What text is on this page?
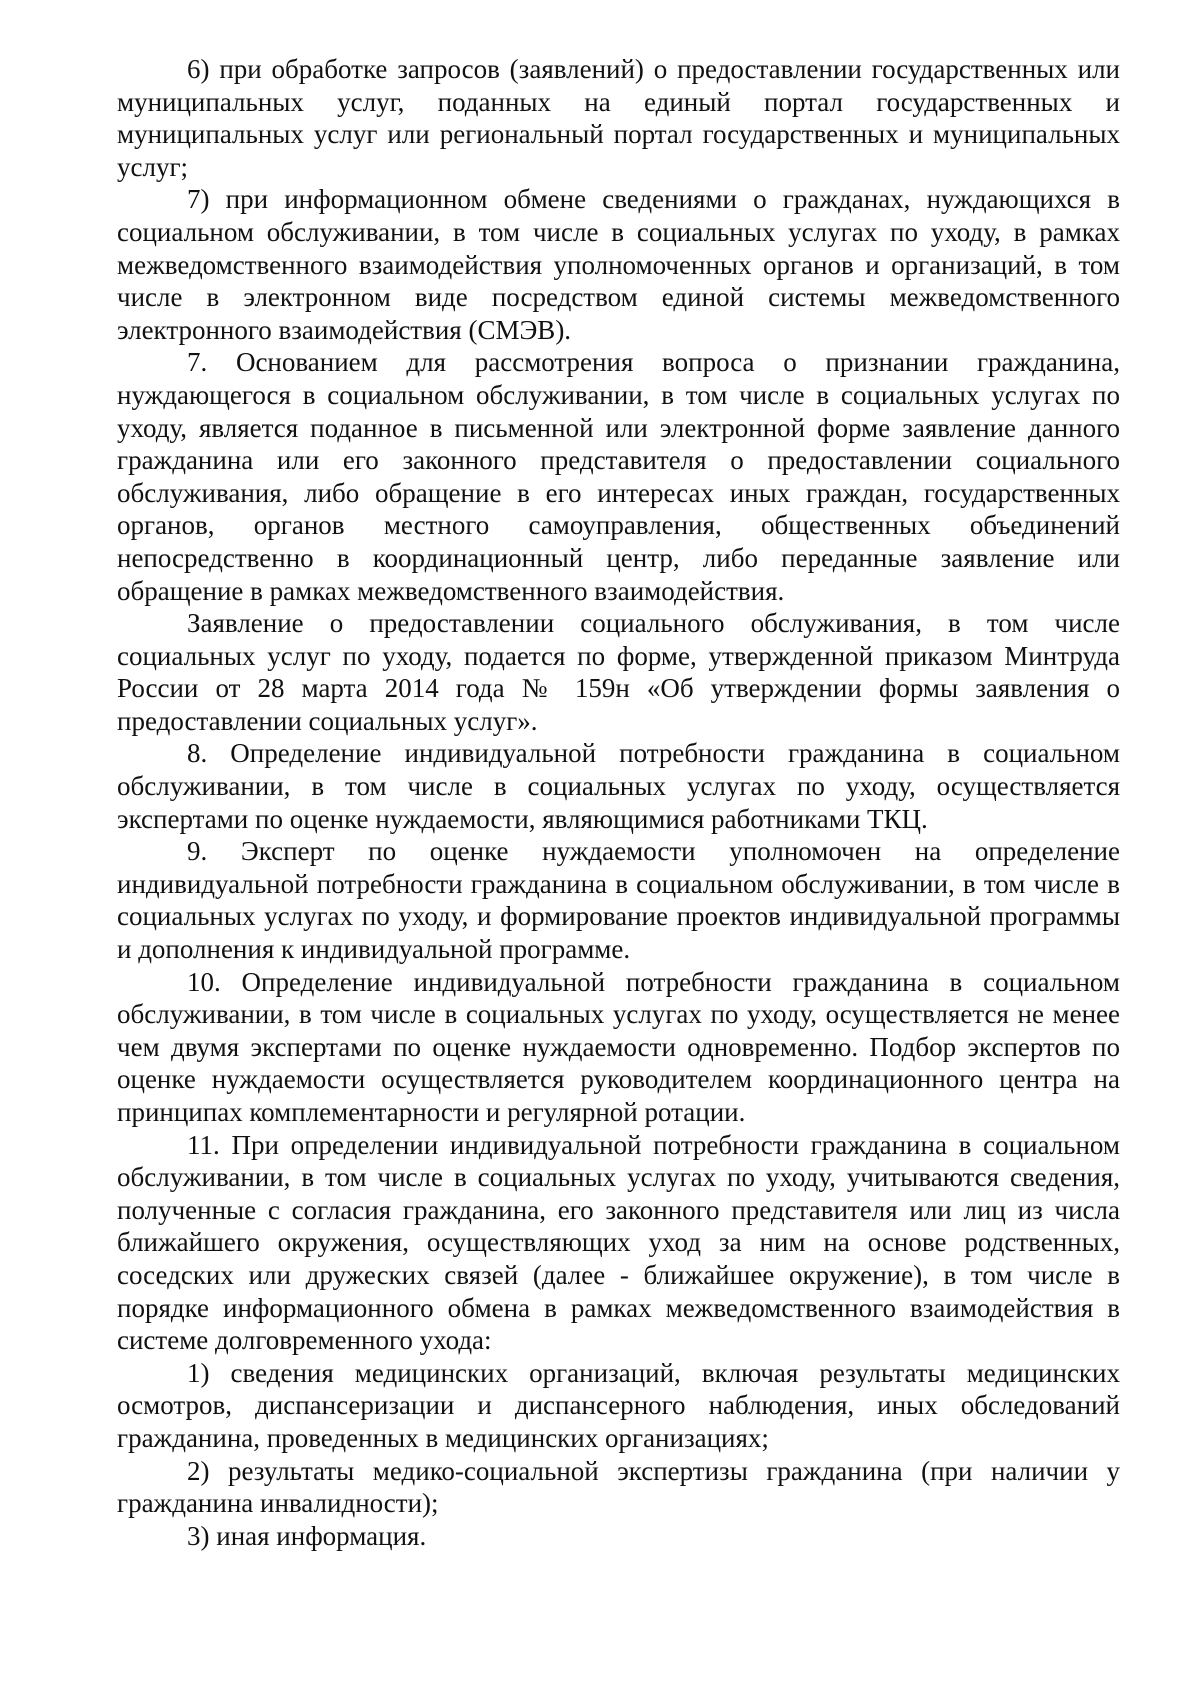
6) при обработке запросов (заявлений) о предоставлении государственных или муниципальных услуг, поданных на единый портал государственных и муниципальных услуг или региональный портал государственных и муниципальных услуг;

7) при информационном обмене сведениями о гражданах, нуждающихся в социальном обслуживании, в том числе в социальных услугах по уходу, в рамках межведомственного взаимодействия уполномоченных органов и организаций, в том числе в электронном виде посредством единой системы межведомственного электронного взаимодействия (СМЭВ).

7. Основанием для рассмотрения вопроса о признании гражданина, нуждающегося в социальном обслуживании, в том числе в социальных услугах по уходу, является поданное в письменной или электронной форме заявление данного гражданина или его законного представителя о предоставлении социального обслуживания, либо обращение в его интересах иных граждан, государственных органов, органов местного самоуправления, общественных объединений непосредственно в координационный центр, либо переданные заявление или обращение в рамках межведомственного взаимодействия.

Заявление о предоставлении социального обслуживания, в том числе социальных услуг по уходу, подается по форме, утвержденной приказом Минтруда России от 28 марта 2014 года № 159н «Об утверждении формы заявления о предоставлении социальных услуг».

8. Определение индивидуальной потребности гражданина в социальном обслуживании, в том числе в социальных услугах по уходу, осуществляется экспертами по оценке нуждаемости, являющимися работниками ТКЦ.

9. Эксперт по оценке нуждаемости уполномочен на определение индивидуальной потребности гражданина в социальном обслуживании, в том числе в социальных услугах по уходу, и формирование проектов индивидуальной программы и дополнения к индивидуальной программе.

10. Определение индивидуальной потребности гражданина в социальном обслуживании, в том числе в социальных услугах по уходу, осуществляется не менее чем двумя экспертами по оценке нуждаемости одновременно. Подбор экспертов по оценке нуждаемости осуществляется руководителем координационного центра на принципах комплементарности и регулярной ротации.

11. При определении индивидуальной потребности гражданина в социальном обслуживании, в том числе в социальных услугах по уходу, учитываются сведения, полученные с согласия гражданина, его законного представителя или лиц из числа ближайшего окружения, осуществляющих уход за ним на основе родственных, соседских или дружеских связей (далее - ближайшее окружение), в том числе в порядке информационного обмена в рамках межведомственного взаимодействия в системе долговременного ухода:

1) сведения медицинских организаций, включая результаты медицинских осмотров, диспансеризации и диспансерного наблюдения, иных обследований гражданина, проведенных в медицинских организациях;

2) результаты медико-социальной экспертизы гражданина (при наличии у гражданина инвалидности);

3) иная информация.
